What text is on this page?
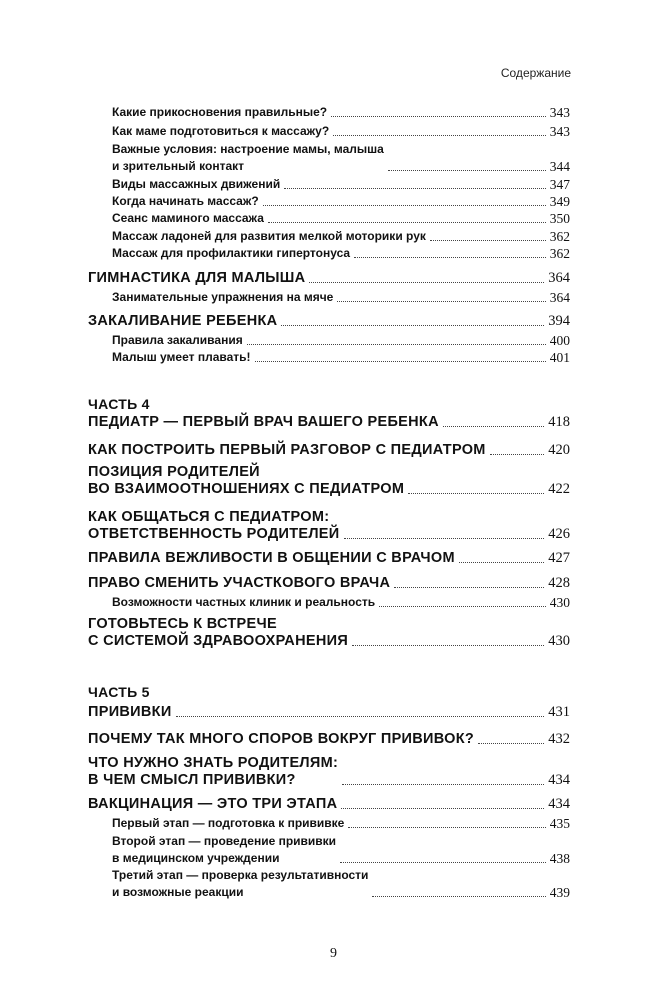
Содержание
Какие прикосновения правильные?	343
Как маме подготовиться к массажу?	343
Важные условия: настроение мамы, малыша
и зрительный контакт	344
Виды массажных движений	347
Когда начинать массаж?	349
Сеанс маминого массажа	350
Массаж ладоней для развития мелкой моторики рук	362
Массаж для профилактики гипертонуса	362
ГИМНАСТИКА ДЛЯ МАЛЫША	364
Занимательные упражнения на мяче	364
ЗАКАЛИВАНИЕ РЕБЕНКА	394
Правила закаливания	400
Малыш умеет плавать!	401
ЧАСТЬ 4
ПЕДИАТР — ПЕРВЫЙ ВРАЧ ВАШЕГО РЕБЕНКА	418
КАК ПОСТРОИТЬ ПЕРВЫЙ РАЗГОВОР С ПЕДИАТРОМ	420
ПОЗИЦИЯ РОДИТЕЛЕЙ
ВО ВЗАИМООТНОШЕНИЯХ С ПЕДИАТРОМ	422
КАК ОБЩАТЬСЯ С ПЕДИАТРОМ:
ОТВЕТСТВЕННОСТЬ РОДИТЕЛЕЙ	426
ПРАВИЛА ВЕЖЛИВОСТИ В ОБЩЕНИИ С ВРАЧОМ	427
ПРАВО СМЕНИТЬ УЧАСТКОВОГО ВРАЧА	428
Возможности частных клиник и реальность	430
ГОТОВЬТЕСЬ К ВСТРЕЧЕ
С СИСТЕМОЙ ЗДРАВООХРАНЕНИЯ	430
ЧАСТЬ 5
ПРИВИВКИ	431
ПОЧЕМУ ТАК МНОГО СПОРОВ ВОКРУГ ПРИВИВОК?	432
ЧТО НУЖНО ЗНАТЬ РОДИТЕЛЯМ:
В ЧЕМ СМЫСЛ ПРИВИВКИ?	434
ВАКЦИНАЦИЯ — ЭТО ТРИ ЭТАПА	434
Первый этап — подготовка к прививке	435
Второй этап — проведение прививки
в медицинском учреждении	438
Третий этап — проверка результативности
и возможные реакции	439
9
